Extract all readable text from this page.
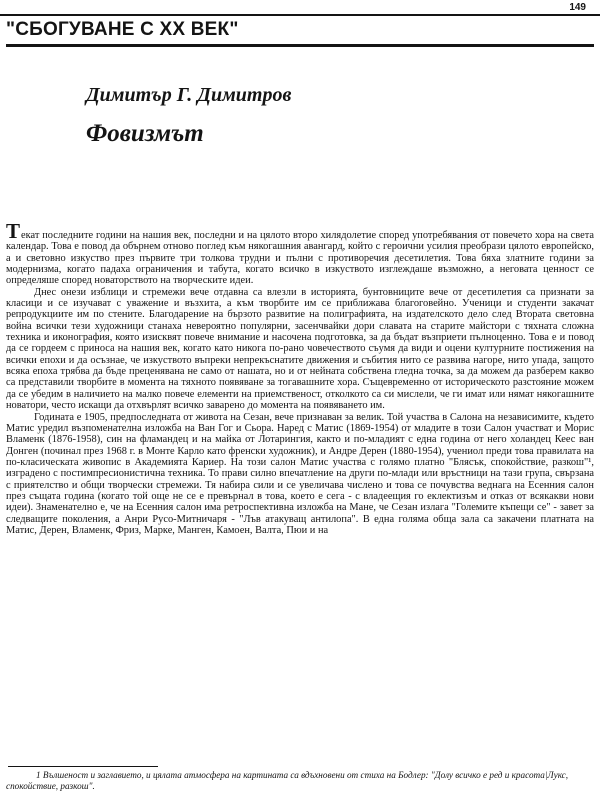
149
"СБОГУВАНЕ С XX ВЕК"
Димитър Г. Димитров
Фовизмът

Текат последните години на нашия век, последни и на цялото второ хилядолетие според употребявания от повечето хора на света календар. Това е повод да обърнем отново поглед към някогашния авангард, който с героични усилия преобрази цялото европейско, а и световно изкуство през първите три толкова трудни и пълни с противоречия десетилетия. Това бяха златните години за модернизма, когато падаха ограничения и табута, когато всичко в изкуството изглеждаше възможно, а неговата ценност се определяше според новаторството на творческите идеи.

Днес онези изблици и стремежи вече отдавна са влезли в историята, бунтовниците вече от десетилетия са признати за класици и се изучават с уважение и възхита, а към творбите им се приближава благоговейно. Ученици и студенти закачат репродукциите им по стените. Благодарение на бързото развитие на полиграфията, на издателското дело след Втората световна война всички тези художници станаха невероятно популярни, засенчвайки дори славата на старите майстори с тяхната сложна техника и иконография, която изисквят повече внимание и насочена подготовка, за да бъдат възприети пълноценно. Това е и повод да се гордеем с приноса на нашия век, когато като никога по-рано човечеството съумя да види и оцени културните постижения на всички епохи и да осъзнае, че изкуството въпреки непрекъснатите движения и събития нито се развива нагоре, нито упада, защото всяка епоха трябва да бъде преценявана не само от нашата, но и от нейната собствена гледна точка, за да можем да разберем какво са представили творбите в момента на тяхното появяване за тогавашните хора. Същевременно от историческото разстояние можем да се убедим в наличието на малко повече елементи на приемственост, отколкото са си мислели, че ги имат или нямат някогашните новатори, често искащи да отхвърлят всичко заварено до момента на появяването им.

Годината е 1905, предпоследната от живота на Сезан, вече признаван за велик. Той участва в Салона на независимите, където Матис уредил възпоменателна изложба на Ван Гог и Сьора. Наред с Матис (1869-1954) от младите в този Салон участват и Морис Вламенк (1876-1958), син на фламандец и на майка от Лотарингия, както и по-младият с една година от него холандец Кеес ван Донген (починал през 1968 г. в Монте Карло като френски художник), и Андре Дерен (1880-1954), учениол преди това правилата на по-класическата живопис в Академията Кариер. На този салон Матис участва с голямо платно "Блясък, спокойствие, разкош"¹, изградено с постимпресионистична техника. То прави силно впечатление на други по-млади или връстници на тази група, свързана с приятелство и общи творчески стремежи. Тя набира сили и се увеличава числено и това се почувства веднага на Есенния салон през същата година (когато той още не се е превърнал в това, което е сега - с владеещия го еклектизъм и отказ от всякакви нови идеи). Знаменателно е, че на Есенния салон има ретроспективна изложба на Мане, че Сезан излага "Големите къпещи се" - завет за следващите поколения, а Анри Русо-Митничаря - "Лъв атакуващ антилопа". В една голяма обща зала са закачени платната на Матис, Дерен, Вламенк, Фриз, Марке, Манген, Камоен, Валта, Пюи и на

1 Вълшеност и заглавието, и цялата атмосфера на картината са вдъхновени от стиха на Бодлер: "Долу всичко е ред и красота|Лукс, спокойствие, разкош".
